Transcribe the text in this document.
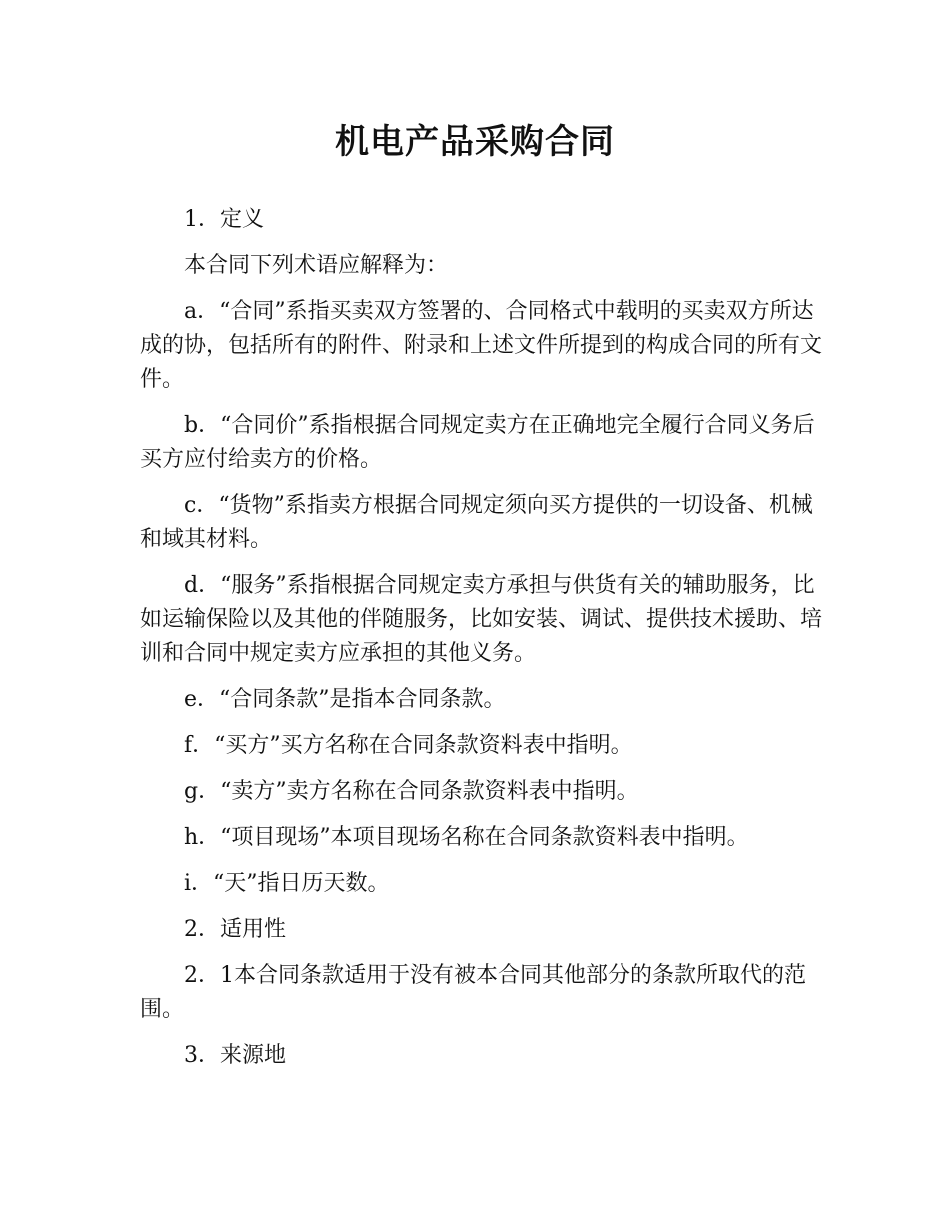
机电产品采购合同

1．定义

本合同下列术语应解释为：

a．“合同”系指买卖双方签署的、合同格式中载明的买卖双方所达成的协，包括所有的附件、附录和上述文件所提到的构成合同的所有文件。

b．“合同价”系指根据合同规定卖方在正确地完全履行合同义务后买方应付给卖方的价格。

c．“货物”系指卖方根据合同规定须向买方提供的一切设备、机械和域其材料。

d．“服务”系指根据合同规定卖方承担与供货有关的辅助服务，比如运输保险以及其他的伴随服务，比如安装、调试、提供技术援助、培训和合同中规定卖方应承担的其他义务。

e．“合同条款”是指本合同条款。

f．“买方”买方名称在合同条款资料表中指明。

g．“卖方”卖方名称在合同条款资料表中指明。

h．“项目现场”本项目现场名称在合同条款资料表中指明。

i．“天”指日历天数。

2．适用性

2．1本合同条款适用于没有被本合同其他部分的条款所取代的范围。

3．来源地
